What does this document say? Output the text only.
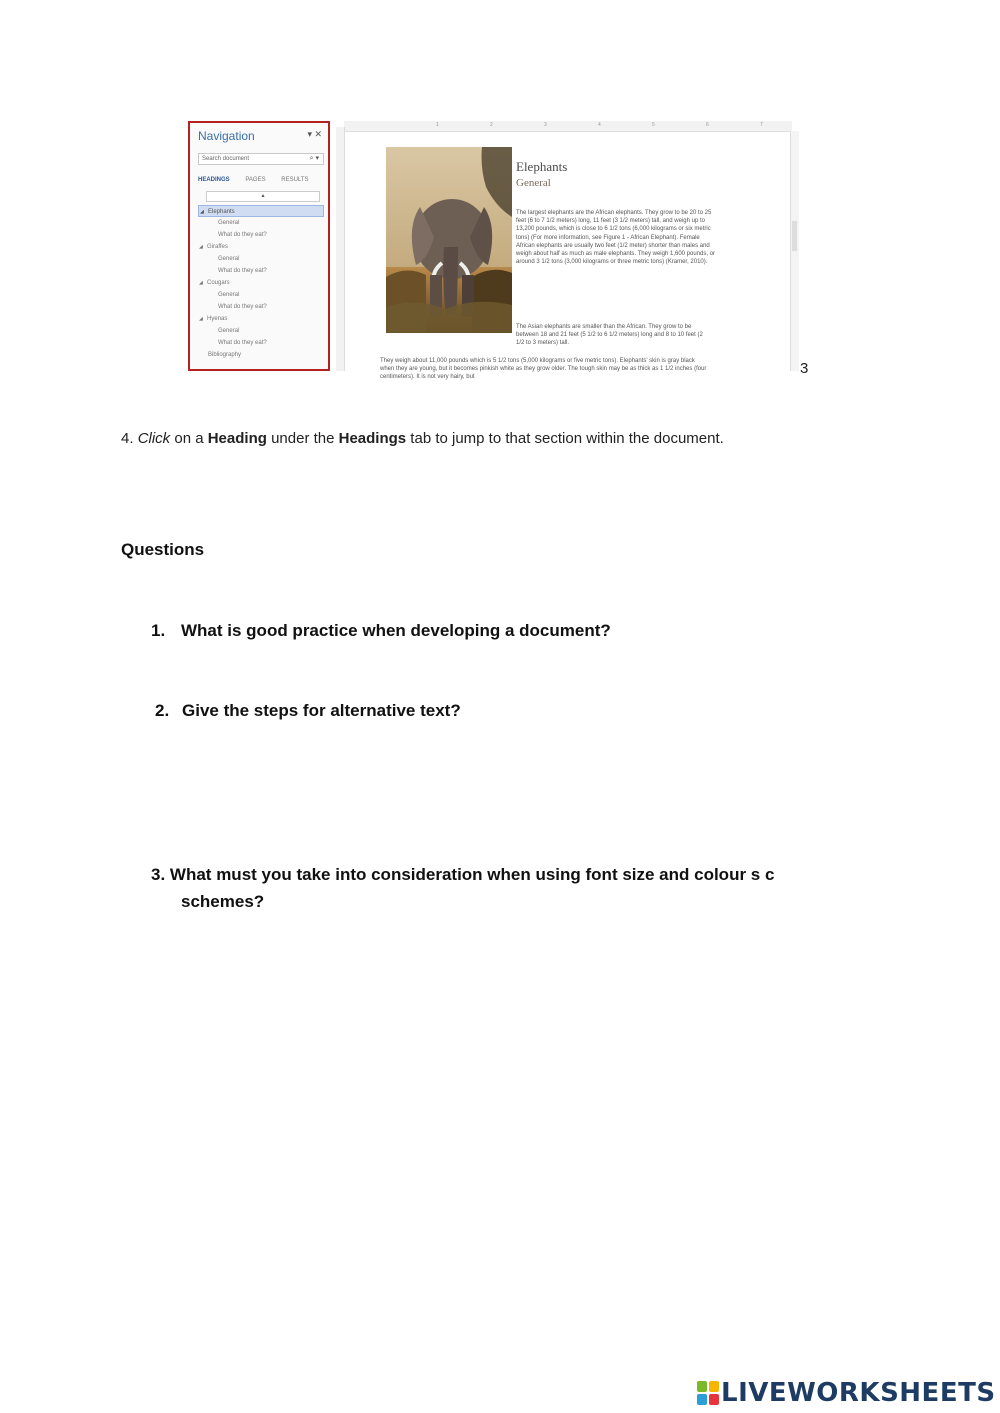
Navigation	▾ ✕
Search document	⌕ ▾
HEADINGS	PAGES	RESULTS
▴
◢ Elephants
General
What do they eat?
◢ Giraffes
General
What do they eat?
◢ Cougars
General
What do they eat?
◢ Hyenas
General
What do they eat?
Bibliography
1	2	3	4	5	6	7
Elephants
General
The largest elephants are the African elephants. They grow to be 20 to 25 feet (6 to 7 1/2 meters) long, 11 feet (3 1/2 meters) tall, and weigh up to 13,200 pounds, which is close to 6 1/2 tons (6,000 kilograms or six metric tons) (For more information, see Figure 1 - African Elephant). Female African elephants are usually two feet (1/2 meter) shorter than males and weigh about half as much as male elephants. They weigh 1,600 pounds, or around 3 1/2 tons (3,000 kilograms or three metric tons) (Kramer, 2010).
The Asian elephants are smaller than the African. They grow to be between 18 and 21 feet (5 1/2 to 6 1/2 meters) long and 8 to 10 feet (2 1/2 to 3 meters) tall.
They weigh about 11,000 pounds which is 5 1/2 tons (5,000 kilograms or five metric tons). Elephants' skin is gray black when they are young, but it becomes pinkish white as they grow older. The tough skin may be as thick as 1 1/2 inches (four centimeters). It is not very hairy, but
3
4. Click on a Heading under the Headings tab to jump to that section within the document.
Questions
1. What is good practice when developing a document?
2. Give the steps for alternative text?
3. What must you take into consideration when using font size and colour s c
schemes?
LIVEWORKSHEETS
